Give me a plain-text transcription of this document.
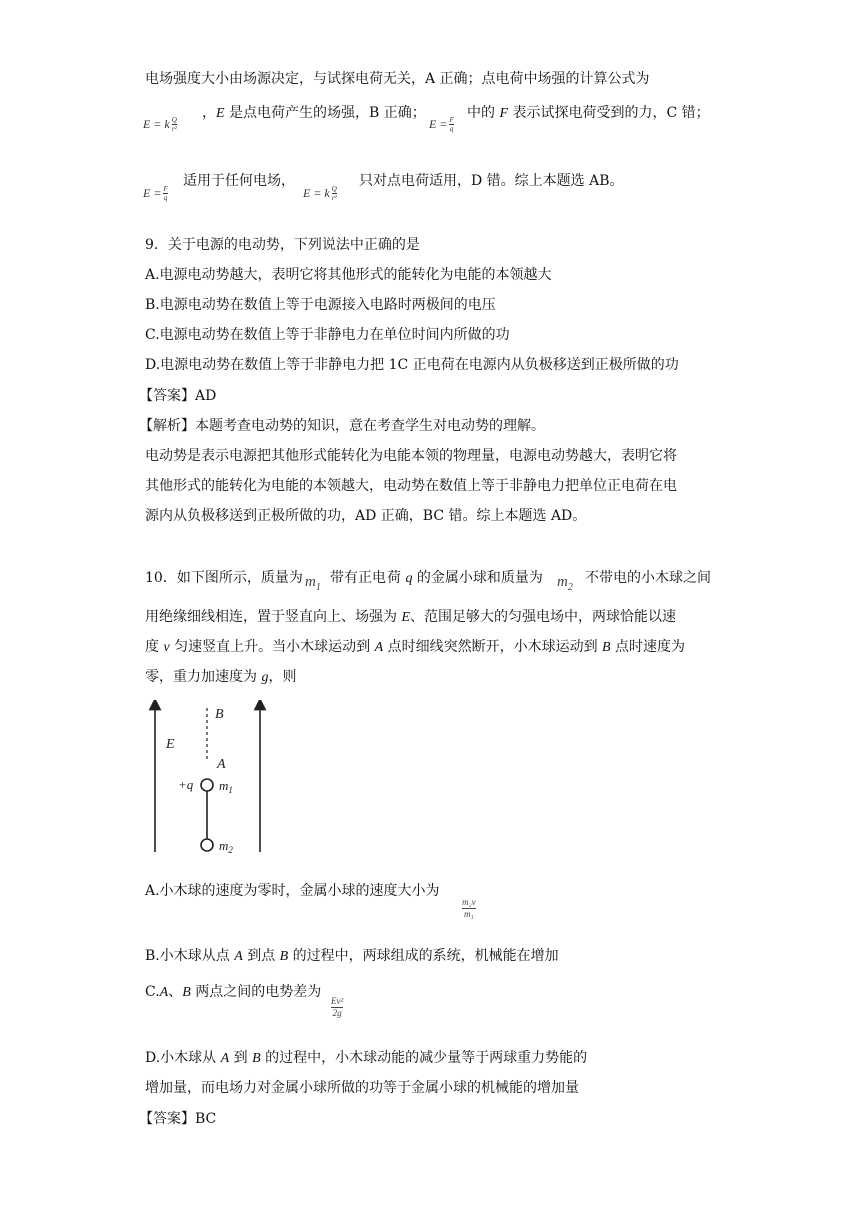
电场强度大小由场源决定，与试探电荷无关，A 正确；点电荷中场强的计算公式为
E = k $\frac{Q}{\text{r²}}$
，E 是点电荷产生的场强，B 正确；
$E = \frac{F}{q}$
中的 F 表示试探电荷受到的力，C 错；
$E = \frac{F}{q}$
适用于任何电场，
E = k $\frac{Q}{\text{r²}}$
只对点电荷适用，D 错。综上本题选 AB。
9．关于电源的电动势，下列说法中正确的是
A.电源电动势越大，表明它将其他形式的能转化为电能的本领越大
B.电源电动势在数值上等于电源接入电路时两极间的电压
C.电源电动势在数值上等于非静电力在单位时间内所做的功
D.电源电动势在数值上等于非静电力把 1C 正电荷在电源内从负极移送到正极所做的功
【答案】AD
【解析】本题考查电动势的知识，意在考查学生对电动势的理解。
电动势是表示电源把其他形式能转化为电能本领的物理量，电源电动势越大，表明它将
其他形式的能转化为电能的本领越大，电动势在数值上等于非静电力把单位正电荷在电
源内从负极移送到正极所做的功，AD 正确，BC 错。综上本题选 AD。
10．如下图所示，质量为 $m_1$
带有正电 荷 q 的金属小球和质量为 $m_2$
不带电的小木球之间
用绝缘细线相连，置于竖直向上、场强为 E、范围足够大的匀强电场中，两球恰能以速
度 v 匀速竖直上升。当小木球运动到 A 点时细线突然断开，小木球运动到 B 点时速度为
零，重力加速度为 g，则
E
B
A
+q $m_1$
$m_2$
A.小木球的速度为零时，金属小球的速度大小为
m₂v
m₁
B.小木球从点 A 到点 B 的过程中，两球组成的系统，机械能在增加
C.A、B 两点之间的电势差为
Ev²
2g
D.小木球从 A 到 B 的过程中，小木球动能的减少量等于两球重力势能的
增加量，而电场力对金属小球所做的功等于金属小球的机械能的增加量
【答案】BC
